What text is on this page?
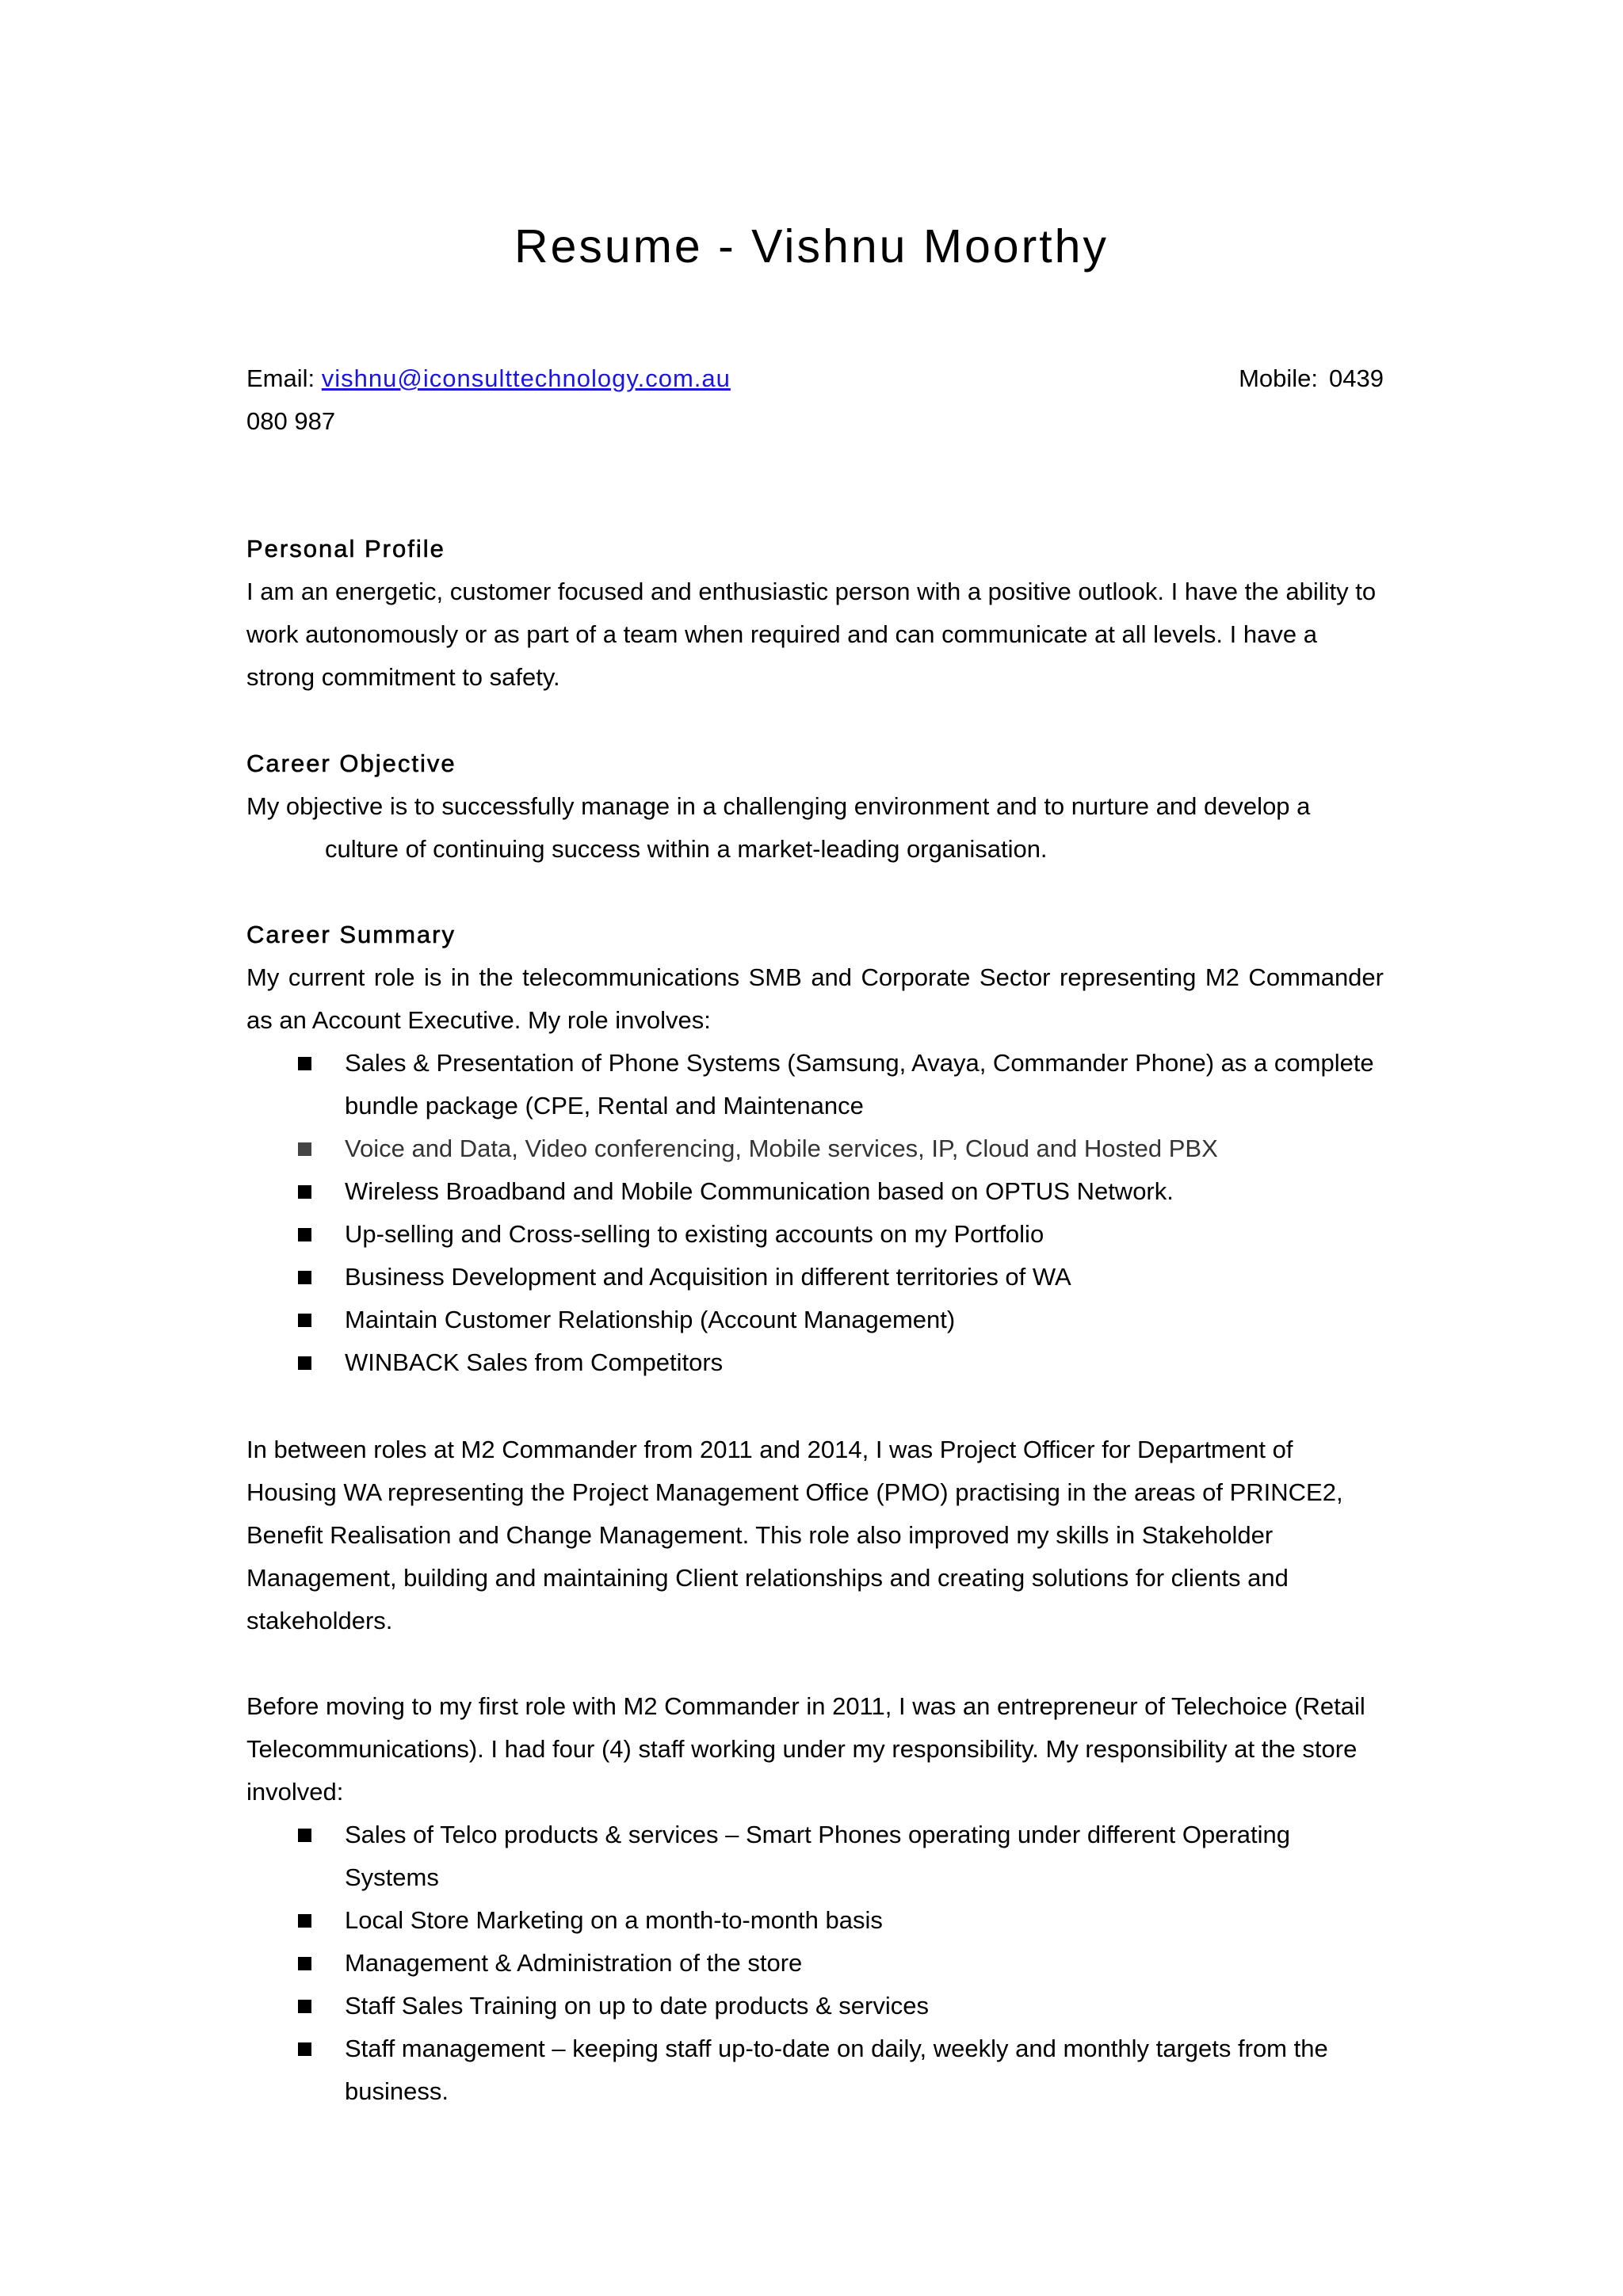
Resume - Vishnu Moorthy
Email: vishnu@iconsulttechnology.com.au	Mobile: 0439
080 987
Personal Profile

I am an energetic, customer focused and enthusiastic person with a positive outlook. I have the ability to work autonomously or as part of a team when required and can communicate at all levels. I have a strong commitment to safety.

Career Objective

My objective is to successfully manage in a challenging environment and to nurture and develop a

culture of continuing success within a market-leading organisation.

Career Summary

My current role is in the telecommunications SMB and Corporate Sector representing M2 Commander as an Account Executive. My role involves:

Sales & Presentation of Phone Systems (Samsung, Avaya, Commander Phone) as a complete bundle package (CPE, Rental and Maintenance
Voice and Data, Video conferencing, Mobile services, IP, Cloud and Hosted PBX
Wireless Broadband and Mobile Communication based on OPTUS Network.
Up-selling and Cross-selling to existing accounts on my Portfolio
Business Development and Acquisition in different territories of WA
Maintain Customer Relationship (Account Management)
WINBACK Sales from Competitors

In between roles at M2 Commander from 2011 and 2014, I was Project Officer for Department of Housing WA representing the Project Management Office (PMO) practising in the areas of PRINCE2, Benefit Realisation and Change Management. This role also improved my skills in Stakeholder Management, building and maintaining Client relationships and creating solutions for clients and stakeholders.

Before moving to my first role with M2 Commander in 2011, I was an entrepreneur of Telechoice (Retail Telecommunications). I had four (4) staff working under my responsibility. My responsibility at the store involved:

Sales of Telco products & services – Smart Phones operating under different Operating Systems
Local Store Marketing on a month-to-month basis
Management & Administration of the store
Staff Sales Training on up to date products & services
Staff management – keeping staff up-to-date on daily, weekly and monthly targets from the business.
